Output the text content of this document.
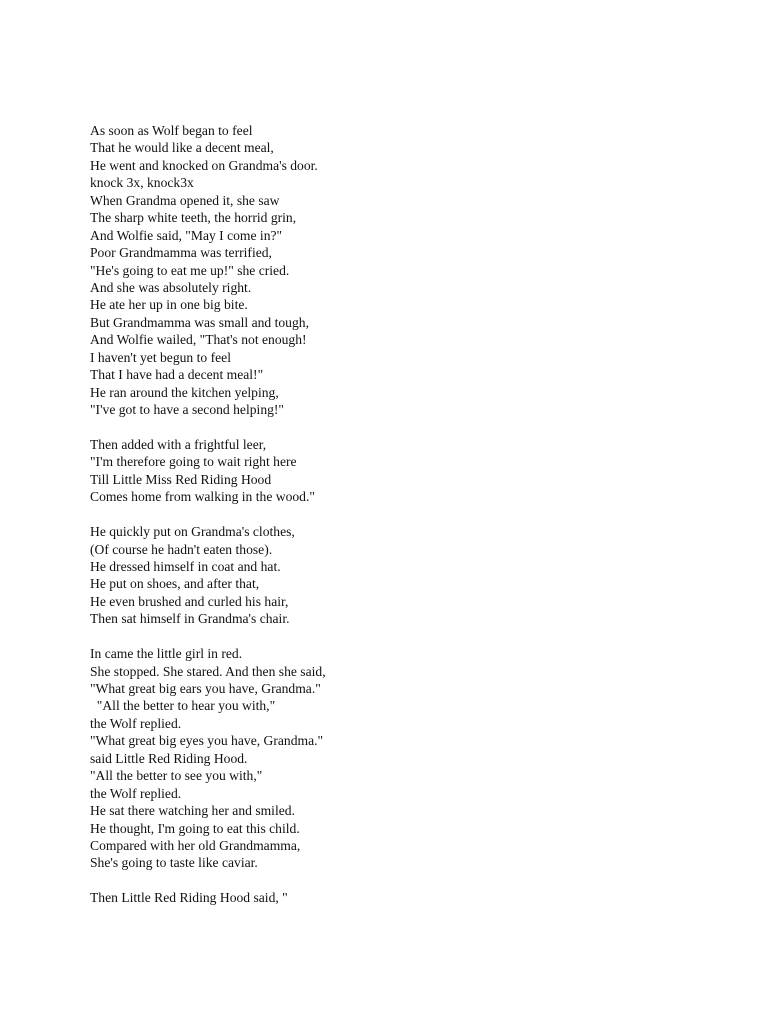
As soon as Wolf began to feel
That he would like a decent meal,
He went and knocked on Grandma's door.
knock 3x, knock3x
When Grandma opened it, she saw
The sharp white teeth, the horrid grin,
And Wolfie said, "May I come in?"
Poor Grandmamma was terrified,
"He's going to eat me up!" she cried.
And she was absolutely right.
He ate her up in one big bite.
But Grandmamma was small and tough,
And Wolfie wailed, "That's not enough!
I haven't yet begun to feel
That I have had a decent meal!"
He ran around the kitchen yelping,
"I've got to have a second helping!"
Then added with a frightful leer,
"I'm therefore going to wait right here
Till Little Miss Red Riding Hood
Comes home from walking in the wood."
He quickly put on Grandma's clothes,
(Of course he hadn't eaten those).
He dressed himself in coat and hat.
He put on shoes, and after that,
He even brushed and curled his hair,
Then sat himself in Grandma's chair.
In came the little girl in red.
She stopped. She stared. And then she said,
"What great big ears you have, Grandma."
"All the better to hear you with,"
the Wolf replied.
"What great big eyes you have, Grandma."
said Little Red Riding Hood.
"All the better to see you with,"
the Wolf replied.
He sat there watching her and smiled.
He thought, I'm going to eat this child.
Compared with her old Grandmamma,
She's going to taste like caviar.
Then Little Red Riding Hood said, "
